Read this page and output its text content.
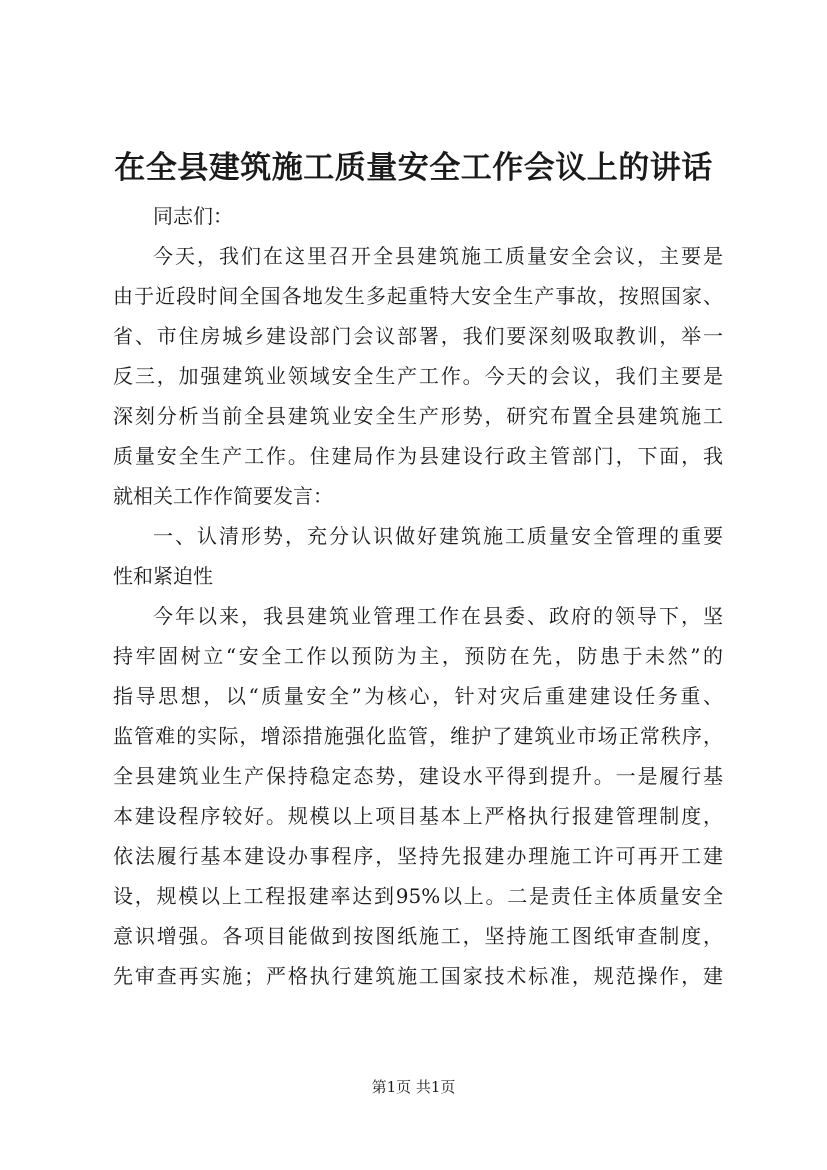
在全县建筑施工质量安全工作会议上的讲话
同志们：
今天，我们在这里召开全县建筑施工质量安全会议，主要是
由于近段时间全国各地发生多起重特大安全生产事故，按照国家、
省、市住房城乡建设部门会议部署，我们要深刻吸取教训，举一
反三，加强建筑业领域安全生产工作。今天的会议，我们主要是
深刻分析当前全县建筑业安全生产形势，研究布置全县建筑施工
质量安全生产工作。住建局作为县建设行政主管部门，下面，我
就相关工作作简要发言：
一、认清形势，充分认识做好建筑施工质量安全管理的重要
性和紧迫性
今年以来，我县建筑业管理工作在县委、政府的领导下，坚
持牢固树立“安全工作以预防为主，预防在先，防患于未然”的
指导思想，以“质量安全”为核心，针对灾后重建建设任务重、
监管难的实际，增添措施强化监管，维护了建筑业市场正常秩序，
全县建筑业生产保持稳定态势，建设水平得到提升。一是履行基
本建设程序较好。规模以上项目基本上严格执行报建管理制度，
依法履行基本建设办事程序，坚持先报建办理施工许可再开工建
设，规模以上工程报建率达到95%以上。二是责任主体质量安全
意识增强。各项目能做到按图纸施工，坚持施工图纸审查制度，
先审查再实施；严格执行建筑施工国家技术标准，规范操作，建
第1页 共1页
